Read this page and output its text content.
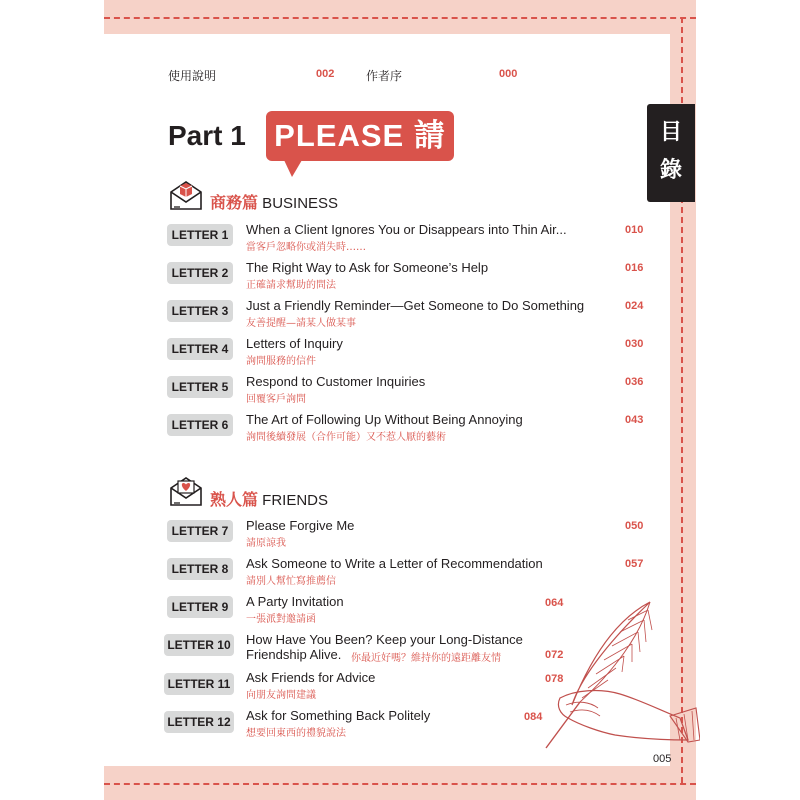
目
錄
使用說明	002	作者序	000
Part 1 PLEASE 請
商務篇 BUSINESS
熟人篇 FRIENDS
LETTER 1	When a Client Ignores You or Disappears into Thin Air...
當客戶忽略你或消失時……
010
LETTER 2	The Right Way to Ask for Someone’s Help
正確請求幫助的問法
016
LETTER 3	Just a Friendly Reminder—Get Someone to Do Something
友善提醒—請某人做某事
024
LETTER 4	Letters of Inquiry
詢問服務的信件
030
LETTER 5	Respond to Customer Inquiries
回覆客戶詢問
036
LETTER 6	The Art of Following Up Without Being Annoying
詢問後續發展（合作可能）又不惹人厭的藝術
043
LETTER 7	Please Forgive Me
請原諒我
050
LETTER 8	Ask Someone to Write a Letter of Recommendation
請別人幫忙寫推薦信
057
LETTER 9	A Party Invitation
一張派對邀請函
064
LETTER 10 How Have You Been? Keep your Long-Distance
Friendship Alive. 你最近好嗎？維持你的遠距離友情	072
LETTER 11 Ask Friends for Advice
向朋友詢問建議
078
LETTER 12 Ask for Something Back Politely
想要回東西的禮貌說法
084
005
